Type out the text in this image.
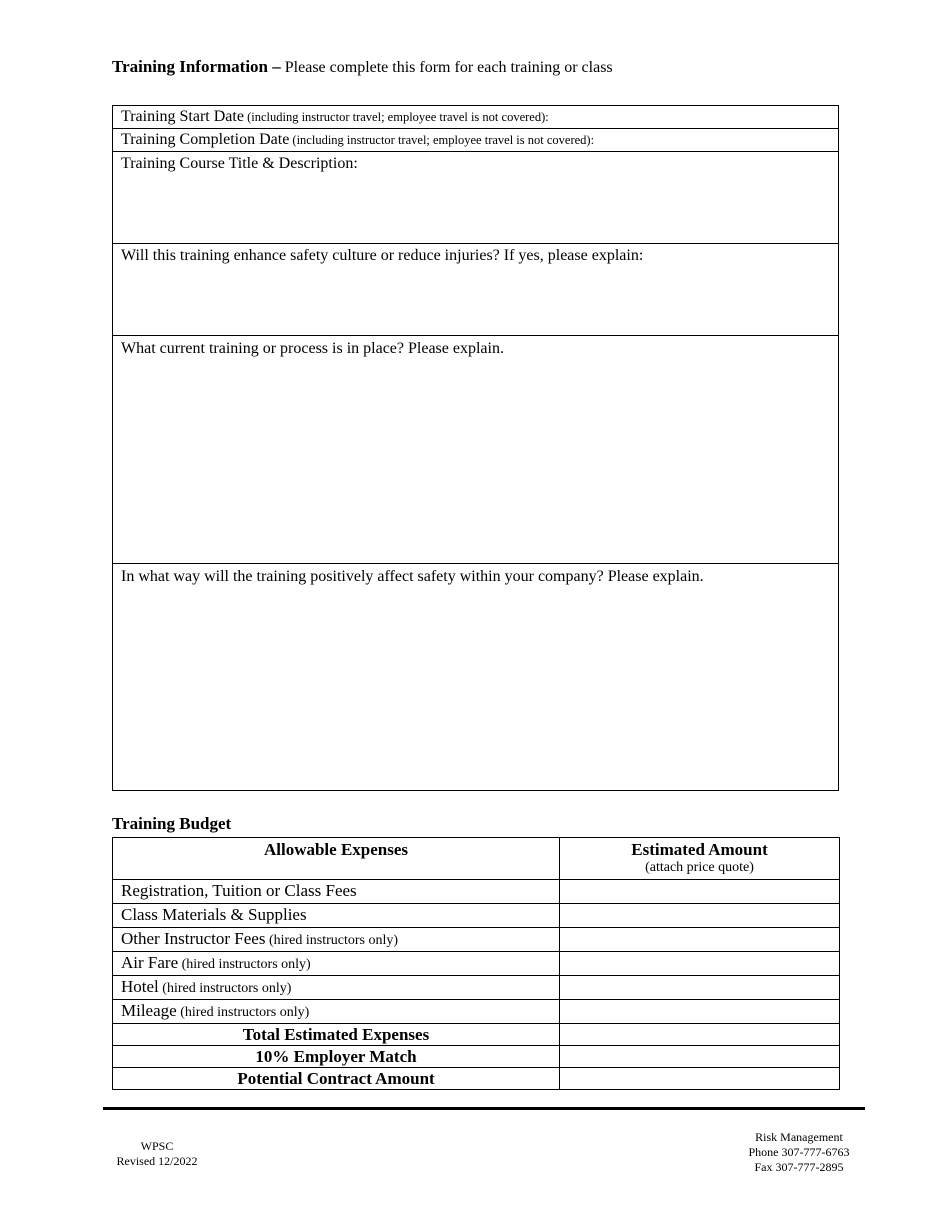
Training Information – Please complete this form for each training or class
Training Start Date (including instructor travel; employee travel is not covered):
Training Completion Date (including instructor travel; employee travel is not covered):
Training Course Title & Description:
Will this training enhance safety culture or reduce injuries? If yes, please explain:
What current training or process is in place? Please explain.
In what way will the training positively affect safety within your company? Please explain.
Training Budget
Allowable Expenses	Estimated Amount
(attach price quote)

Registration, Tuition or Class Fees	
Class Materials & Supplies	
Other Instructor Fees (hired instructors only)	
Air Fare (hired instructors only)	
Hotel (hired instructors only)	
Mileage (hired instructors only)	
Total Estimated Expenses	
10% Employer Match	
Potential Contract Amount	
WPSC
Revised 12/2022
Risk Management
Phone 307-777-6763
Fax 307-777-2895
